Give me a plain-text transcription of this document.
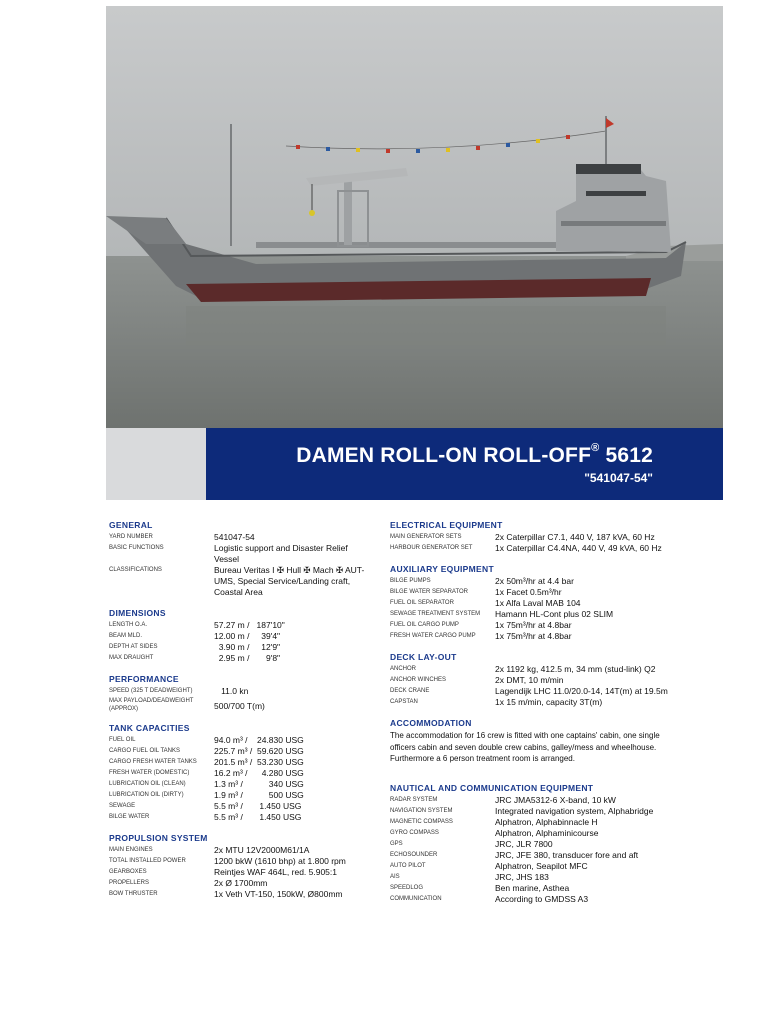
DAMEN ROLL-ON ROLL-OFF® 5612
"541047-54"
GENERAL
YARD NUMBER	541047-54
BASIC FUNCTIONS	Logistic support and Disaster Relief Vessel
CLASSIFICATIONS	Bureau Veritas I ✠ Hull ✠ Mach ✠ AUT-UMS, Special Service/Landing craft, Coastal Area
DIMENSIONS
LENGTH O.A.	57.27 m /   187'10"
BEAM MLD.	12.00 m /     39'4"
DEPTH AT SIDES	3.90 m /     12'9"
MAX DRAUGHT	2.95 m /       9'8"
PERFORMANCE
SPEED (325 T DEADWEIGHT)	11.0 kn
MAX PAYLOAD/DEADWEIGHT (APPROX)	500/700 T(m)
TANK CAPACITIES
FUEL OIL	94.0 m³ /    24.830 USG
CARGO FUEL OIL TANKS	225.7 m³ /  59.620 USG
CARGO FRESH WATER TANKS	201.5 m³ /  53.230 USG
FRESH WATER (DOMESTIC)	16.2 m³ /      4.280 USG
LUBRICATION OIL (CLEAN)	1.3 m³ /           340 USG
LUBRICATION OIL (DIRTY)	1.9 m³ /           500 USG
SEWAGE	5.5 m³ /       1.450 USG
BILGE WATER	5.5 m³ /       1.450 USG
PROPULSION SYSTEM
MAIN ENGINES	2x MTU 12V2000M61/1A
TOTAL INSTALLED POWER	1200 bkW (1610 bhp) at 1.800 rpm
GEARBOXES	Reintjes WAF 464L, red. 5.905:1
PROPELLERS	2x Ø 1700mm
BOW THRUSTER	1x Veth VT-150, 150kW, Ø800mm
ELECTRICAL EQUIPMENT
MAIN GENERATOR SETS	2x Caterpillar C7.1, 440 V, 187 kVA, 60 Hz
HARBOUR GENERATOR SET	1x Caterpillar C4.4NA, 440 V, 49 kVA, 60 Hz
AUXILIARY EQUIPMENT
BILGE PUMPS	2x 50m³/hr at 4.4 bar
BILGE WATER SEPARATOR	1x Facet 0.5m³/hr
FUEL OIL SEPARATOR	1x Alfa Laval MAB 104
SEWAGE TREATMENT SYSTEM	Hamann HL-Cont plus 02 SLIM
FUEL OIL CARGO PUMP	1x 75m³/hr at 4.8bar
FRESH WATER CARGO PUMP	1x 75m³/hr at 4.8bar
DECK LAY-OUT
ANCHOR	2x 1192 kg, 412.5 m, 34 mm (stud-link) Q2
ANCHOR WINCHES	2x DMT, 10 m/min
DECK CRANE	Lagendijk LHC 11.0/20.0-14, 14T(m) at 19.5m
CAPSTAN	1x 15 m/min, capacity 3T(m)
ACCOMMODATION
The accommodation for 16 crew is fitted with one captains' cabin, one single officers cabin and seven double crew cabins, galley/mess and wheelhouse. Furthermore a 6 person treatment room is arranged.
NAUTICAL AND COMMUNICATION EQUIPMENT
RADAR SYSTEM	JRC JMA5312-6 X-band, 10 kW
NAVIGATION SYSTEM	Integrated navigation system, Alphabridge
MAGNETIC COMPASS	Alphatron, Alphabinnacle H
GYRO COMPASS	Alphatron, Alphaminicourse
GPS	JRC, JLR 7800
ECHOSOUNDER	JRC, JFE 380, transducer fore and aft
AUTO PILOT	Alphatron, Seapilot MFC
AIS	JRC, JHS 183
SPEEDLOG	Ben marine, Asthea
COMMUNICATION	According to GMDSS A3
